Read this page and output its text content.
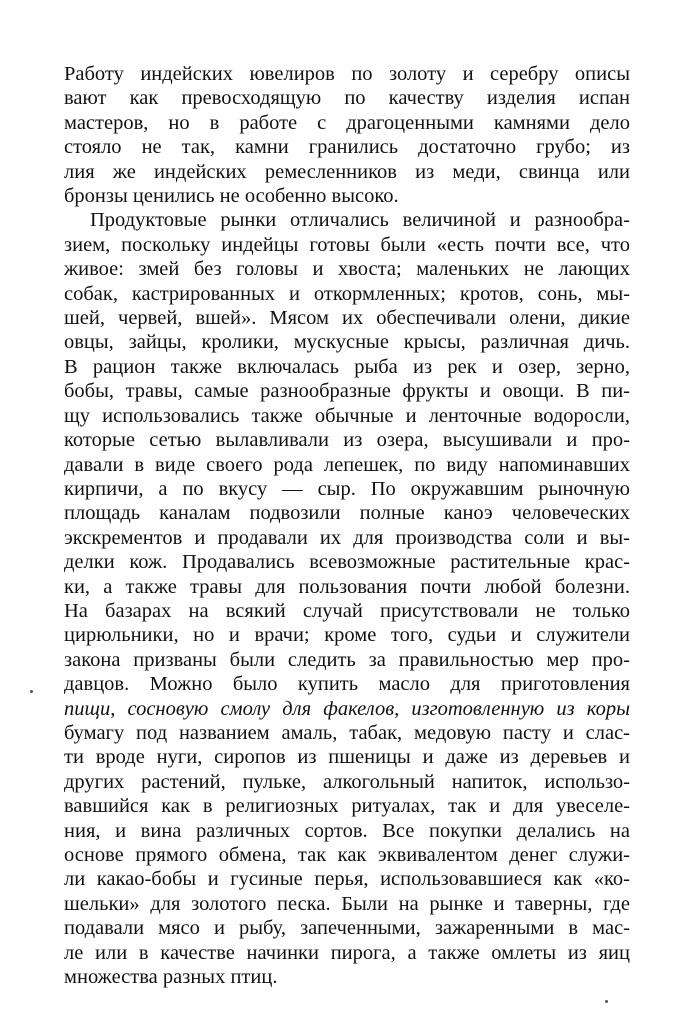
Работу индейских ювелиров по золоту и серебру описы
вают как превосходящую по качеству изделия испан
мастеров, но в работе с драгоценными камнями дело
стояло не так, камни гранились достаточно грубо; из
лия же индейских ремесленников из меди, свинца или
бронзы ценились не особенно высоко.
Продуктовые рынки отличались величиной и разнообра-
зием, поскольку индейцы готовы были «есть почти все, что
живое: змей без головы и хвоста; маленьких не лающих
собак, кастрированных и откормленных; кротов, сонь, мы-
шей, червей, вшей». Мясом их обеспечивали олени, дикие
овцы, зайцы, кролики, мускусные крысы, различная дичь.
В рацион также включалась рыба из рек и озер, зерно,
бобы, травы, самые разнообразные фрукты и овощи. В пи-
щу использовались также обычные и ленточные водоросли,
которые сетью вылавливали из озера, высушивали и про-
давали в виде своего рода лепешек, по виду напоминавших
кирпичи, а по вкусу — сыр. По окружавшим рыночную
площадь каналам подвозили полные каноэ человеческих
экскрементов и продавали их для производства соли и вы-
делки кож. Продавались всевозможные растительные крас-
ки, а также травы для пользования почти любой болезни.
На базарах на всякий случай присутствовали не только
цирюльники, но и врачи; кроме того, судьи и служители
закона призваны были следить за правильностью мер про-
давцов. Можно было купить масло для приготовления
пищи, сосновую смолу для факелов, изготовленную из коры
бумагу под названием амаль, табак, медовую пасту и слас-
ти вроде нуги, сиропов из пшеницы и даже из деревьев и
других растений, пульке, алкогольный напиток, использо-
вавшийся как в религиозных ритуалах, так и для увеселе-
ния, и вина различных сортов. Все покупки делались на
основе прямого обмена, так как эквивалентом денег служи-
ли какао-бобы и гусиные перья, использовавшиеся как «ко-
шельки» для золотого песка. Были на рынке и таверны, где
подавали мясо и рыбу, запеченными, зажаренными в мас-
ле или в качестве начинки пирога, а также омлеты из яиц
множества разных птиц.
